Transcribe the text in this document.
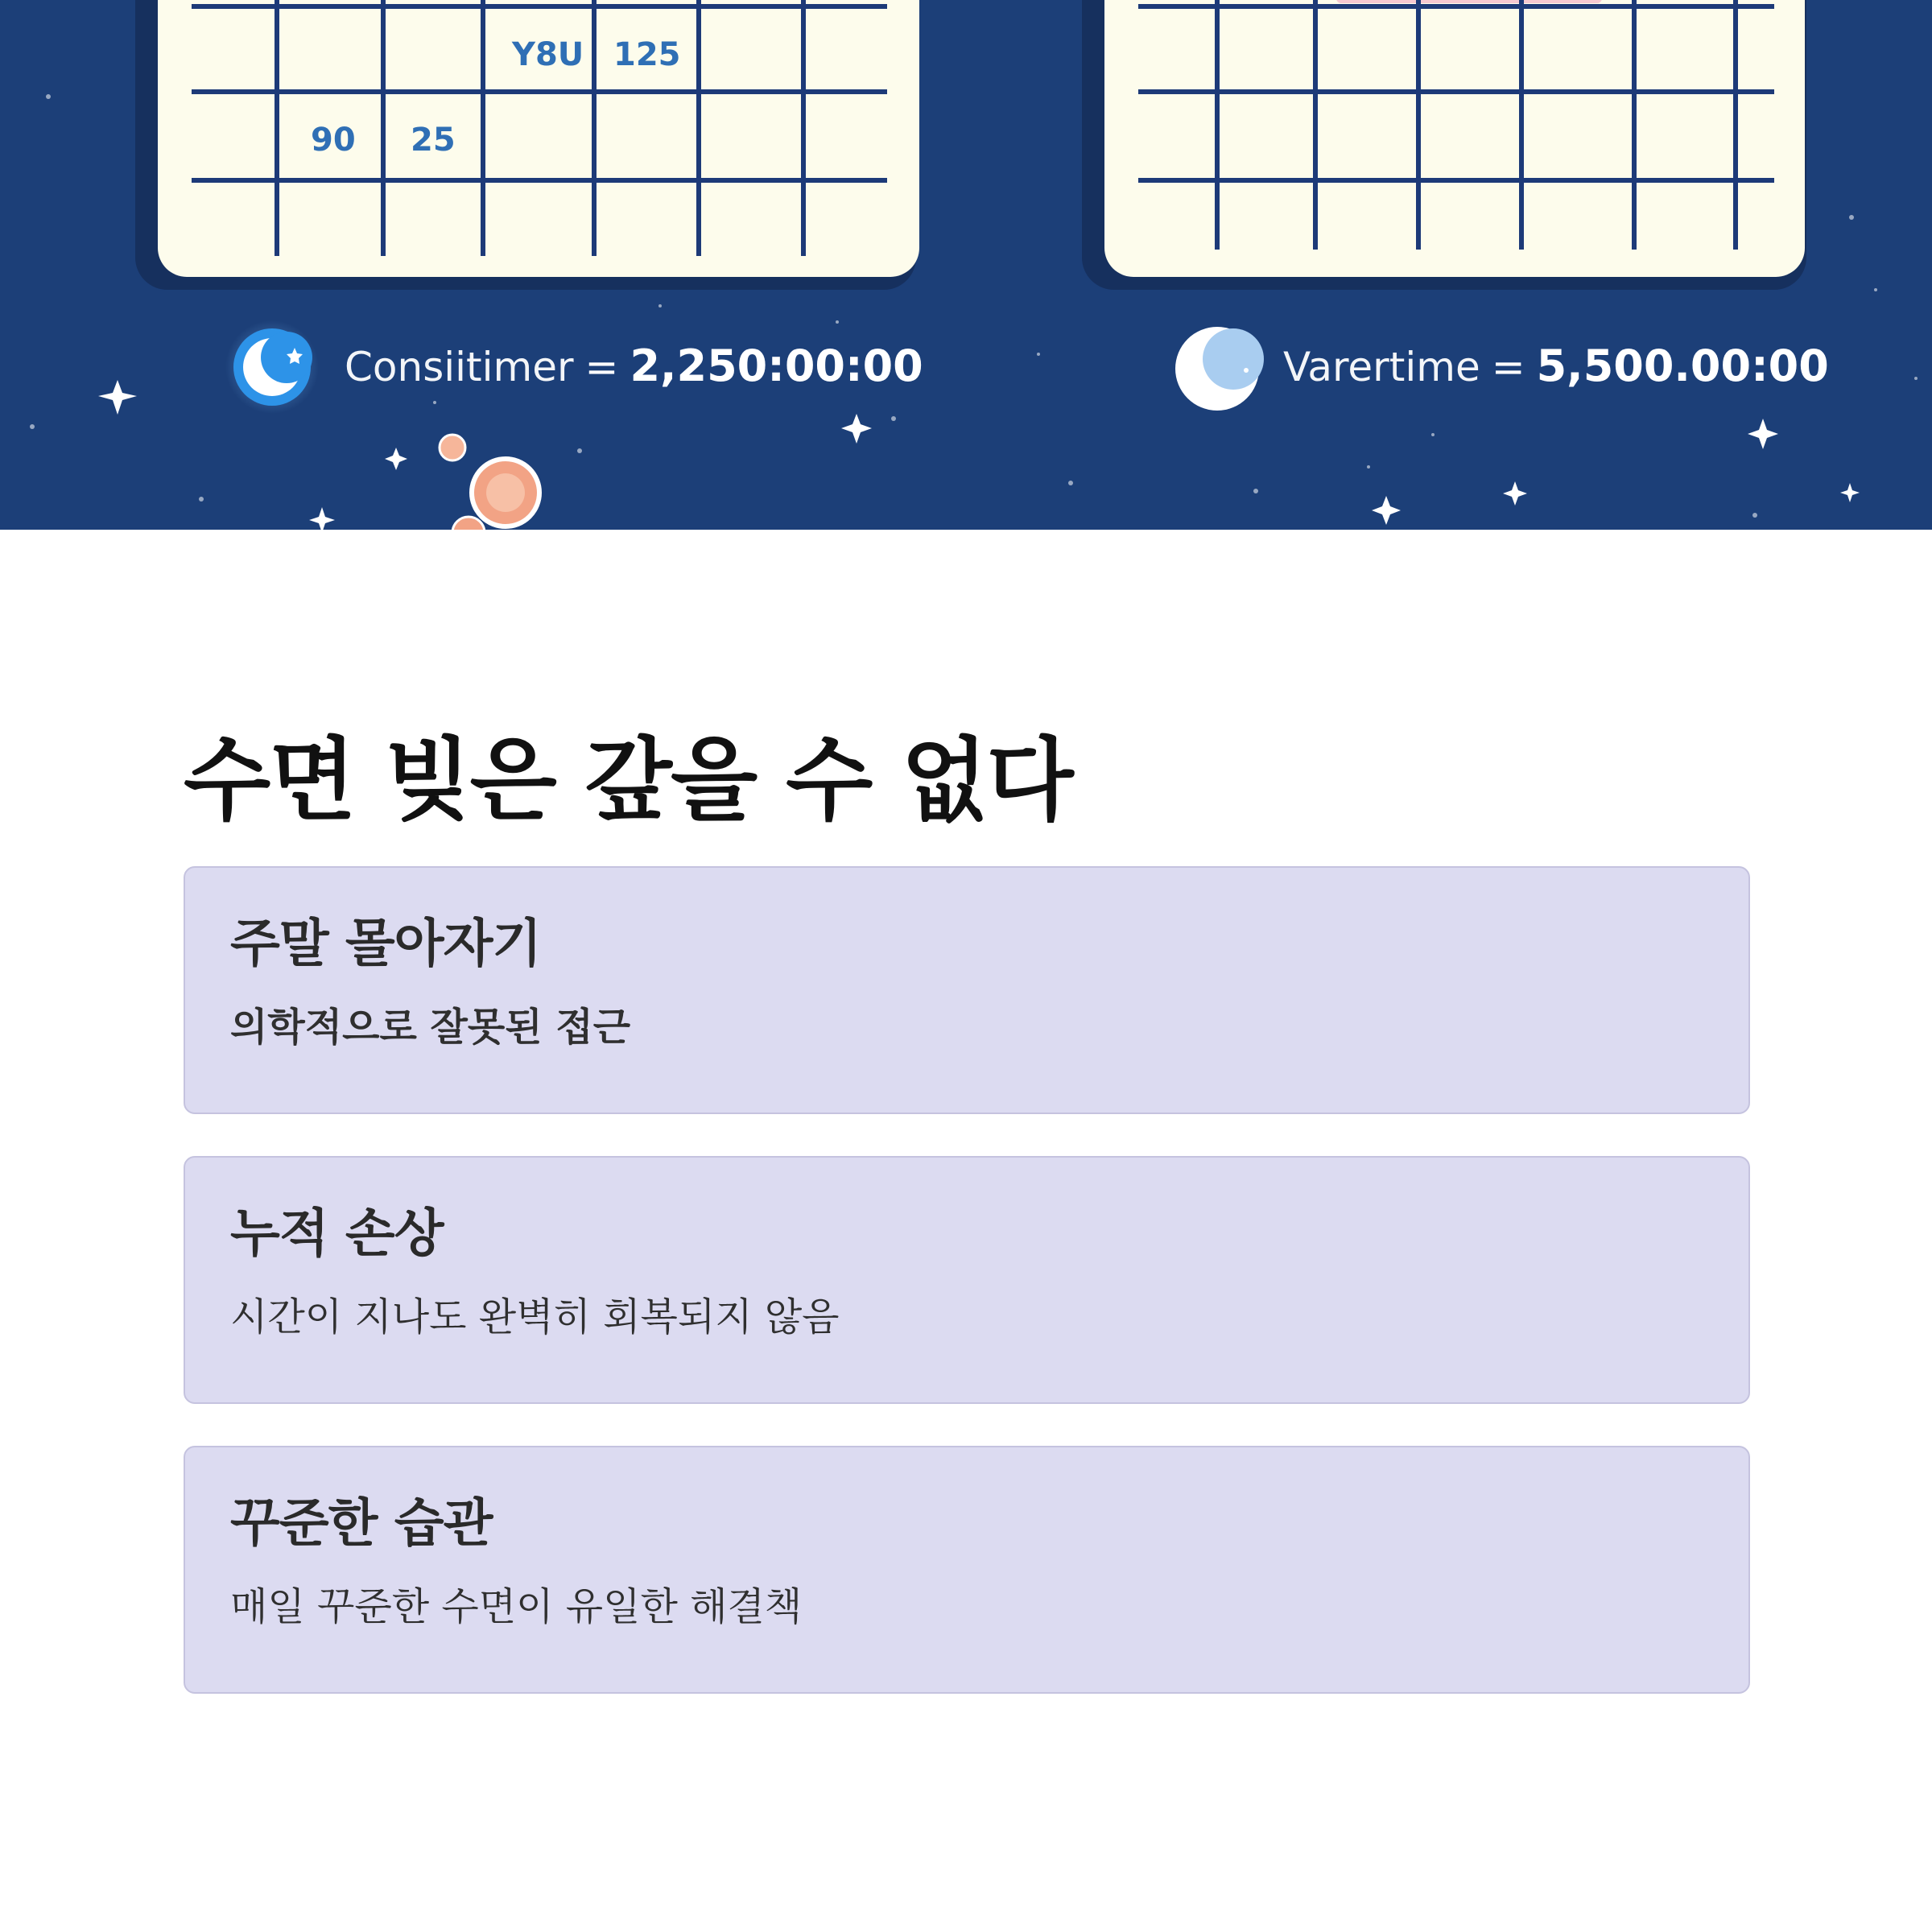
Y8U 125
90 25
Consiitimer = 2,250:00:00	Varertime = 5,500.00:00
수면 빚은 갚을 수 없다
주말 몰아자기
의학적으로 잘못된 접근
누적 손상
시간이 지나도 완벽히 회복되지 않음
꾸준한 습관
매일 꾸준한 수면이 유일한 해결책
